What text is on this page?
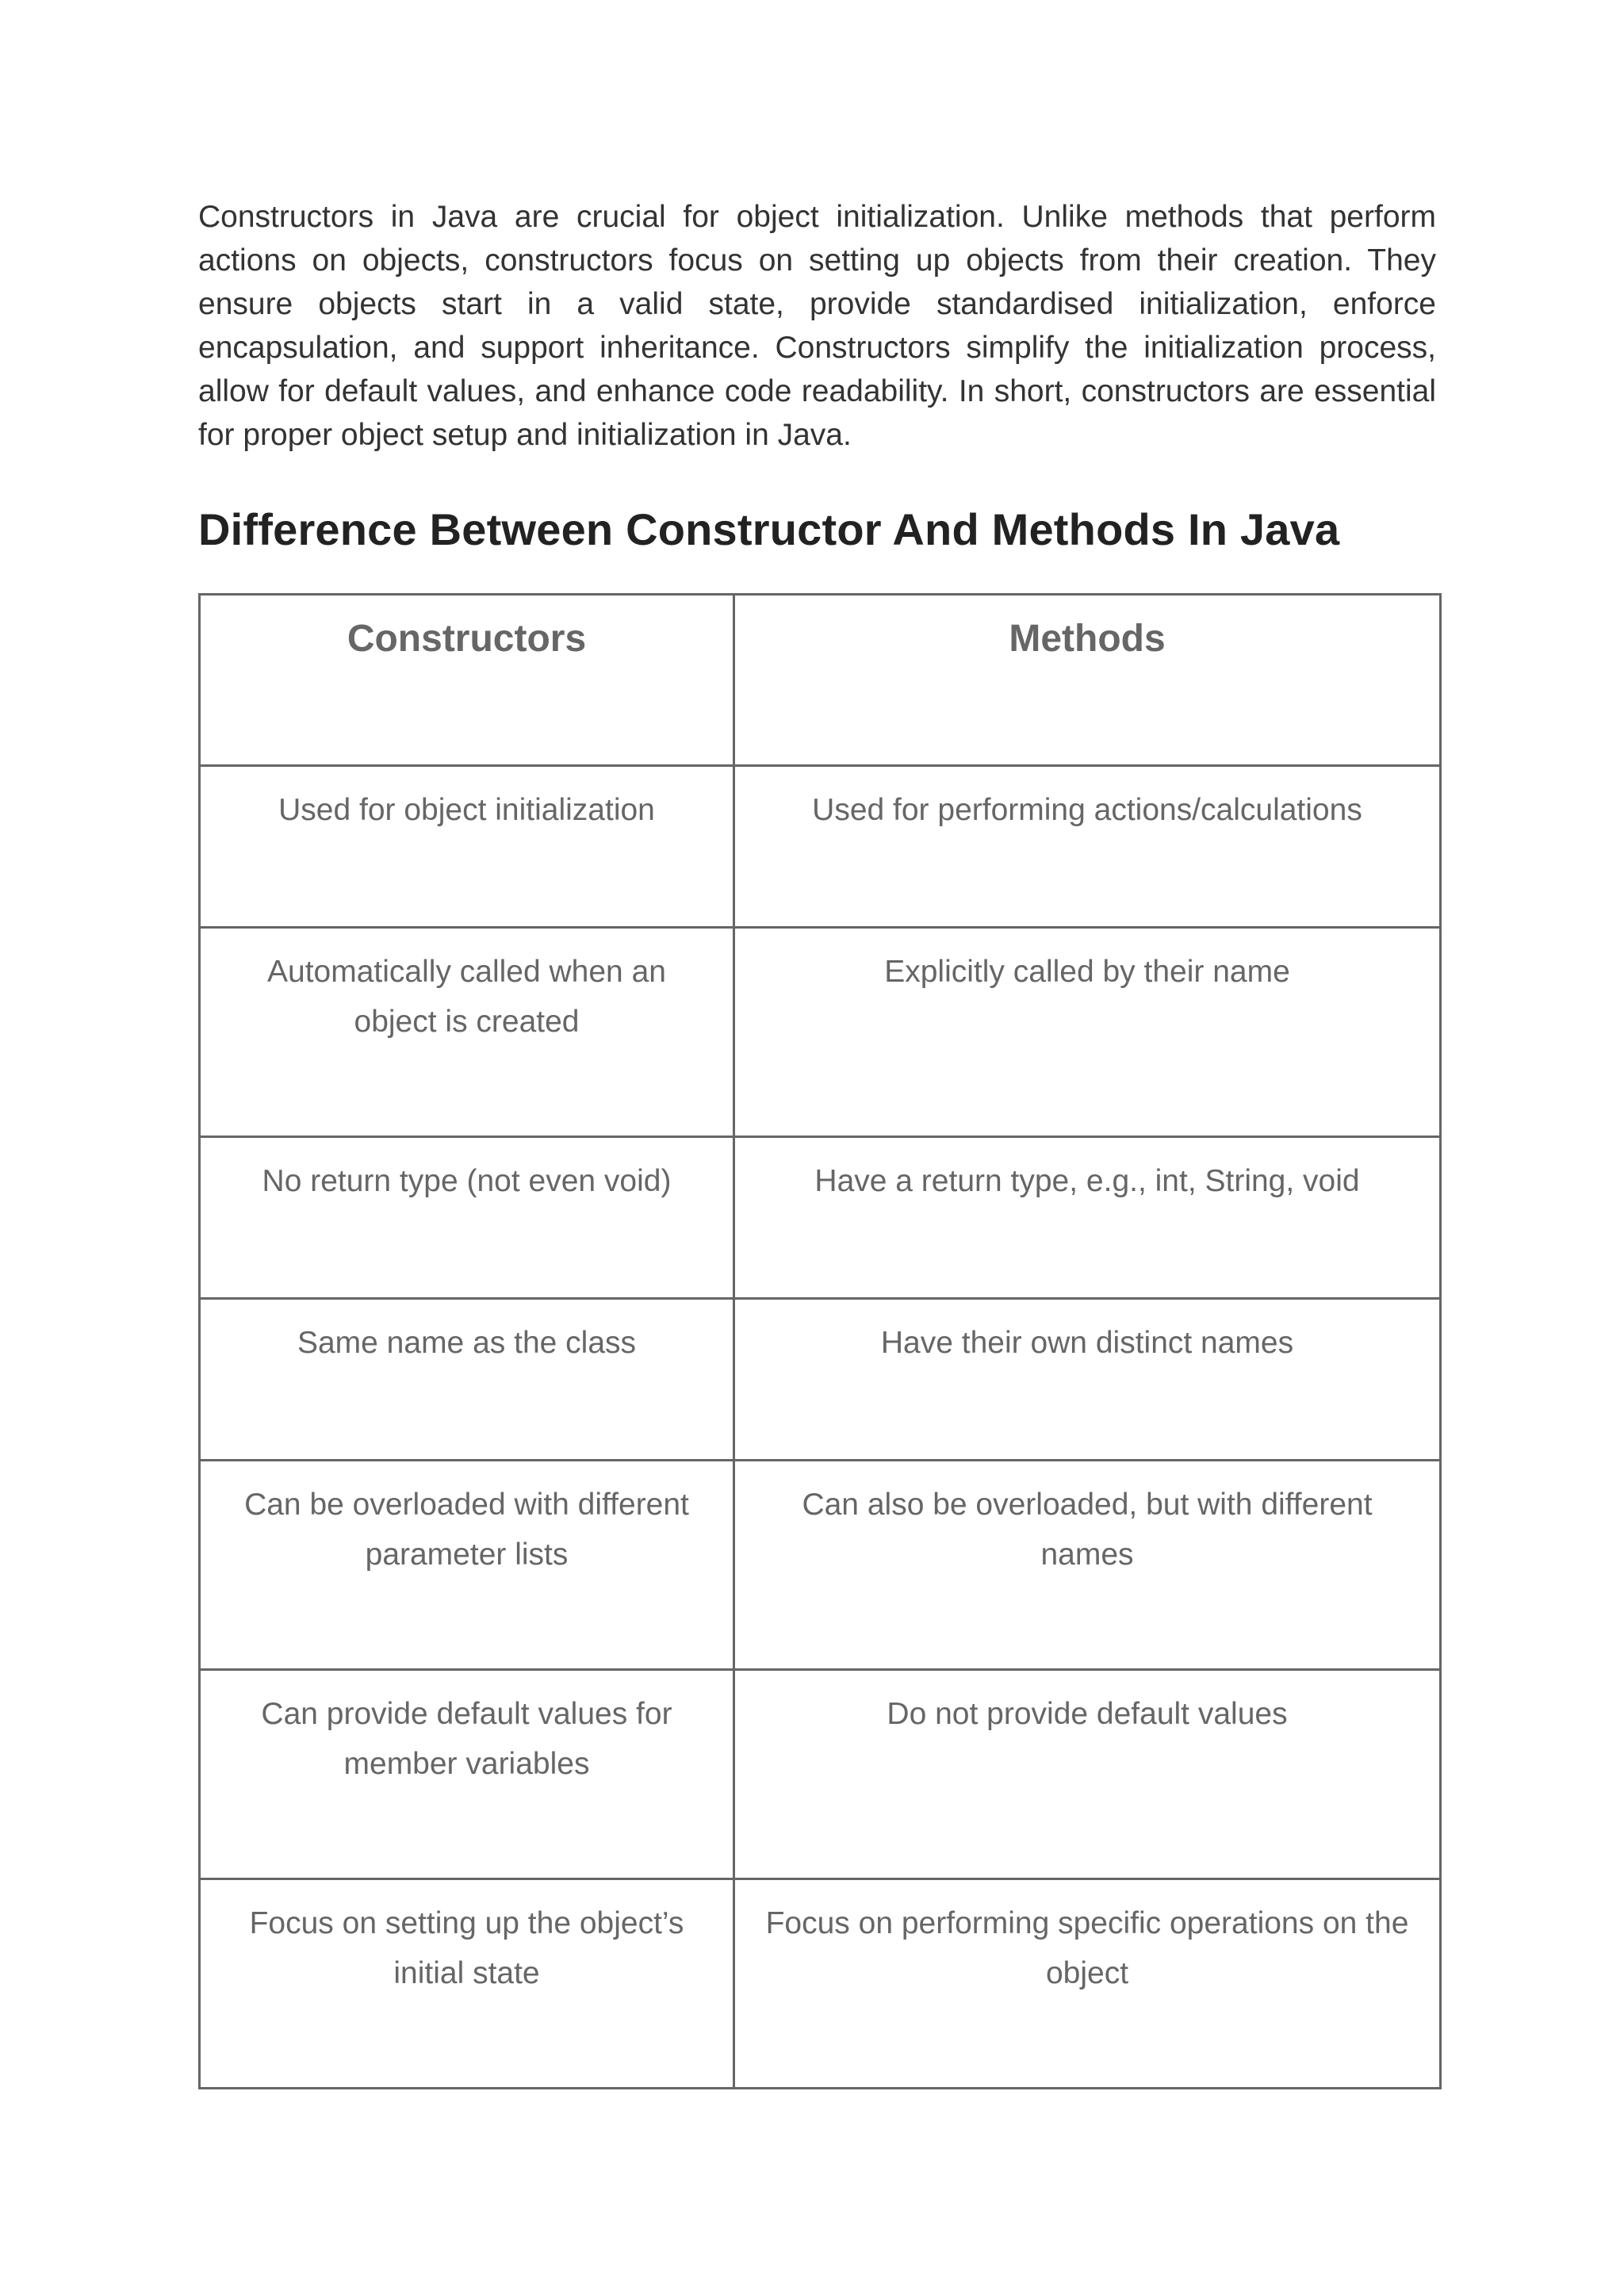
Constructors in Java are crucial for object initialization. Unlike methods that perform actions on objects, constructors focus on setting up objects from their creation. They ensure objects start in a valid state, provide standardised initialization, enforce encapsulation, and support inheritance. Constructors simplify the initialization process, allow for default values, and enhance code readability. In short, constructors are essential for proper object setup and initialization in Java.

Difference Between Constructor And Methods In Java
Constructors	Methods
Used for object initialization	Used for performing actions/calculations
Automatically called when an object is created	Explicitly called by their name
No return type (not even void)	Have a return type, e.g., int, String, void
Same name as the class	Have their own distinct names
Can be overloaded with different parameter lists	Can also be overloaded, but with different names
Can provide default values for member variables	Do not provide default values
Focus on setting up the object’s initial state	Focus on performing specific operations on the object
